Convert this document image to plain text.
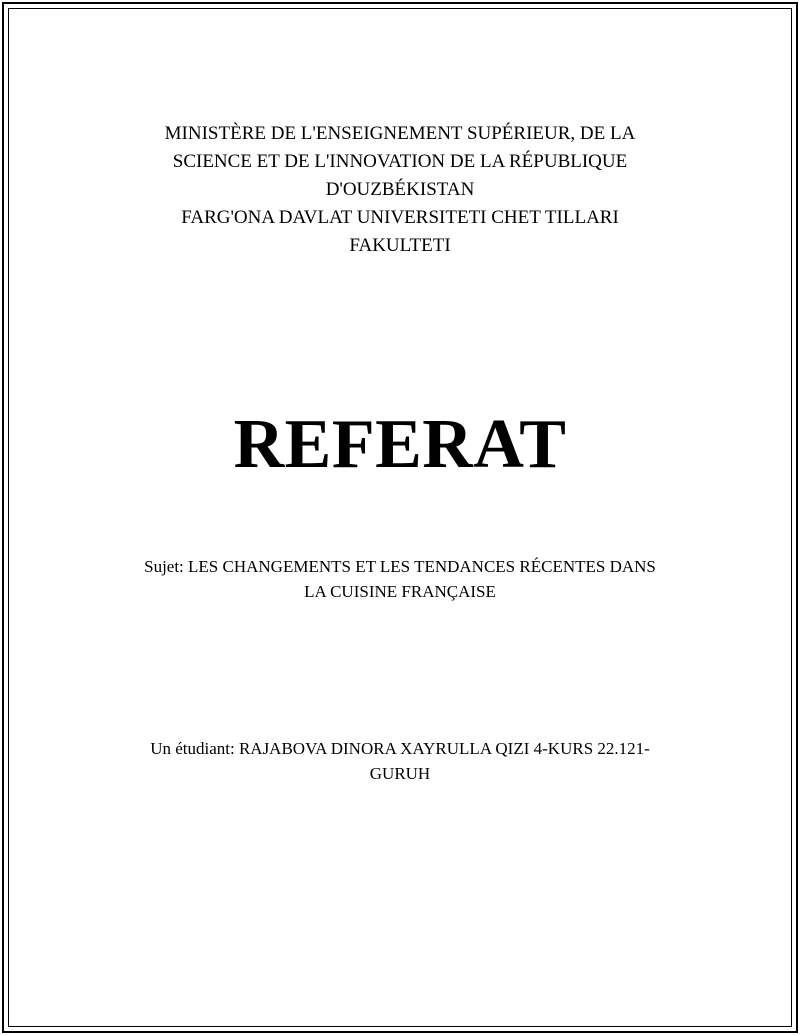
MINISTÈRE DE L'ENSEIGNEMENT SUPÉRIEUR, DE LA
SCIENCE ET DE L'INNOVATION DE LA RÉPUBLIQUE
D'OUZBÉKISTAN
FARG'ONA DAVLAT UNIVERSITETI CHET TILLARI
FAKULTETI
REFERAT
Sujet: LES CHANGEMENTS ET LES TENDANCES RÉCENTES DANS
LA CUISINE FRANÇAISE
Un étudiant: RAJABOVA DINORA XAYRULLA QIZI 4-KURS 22.121-
GURUH
